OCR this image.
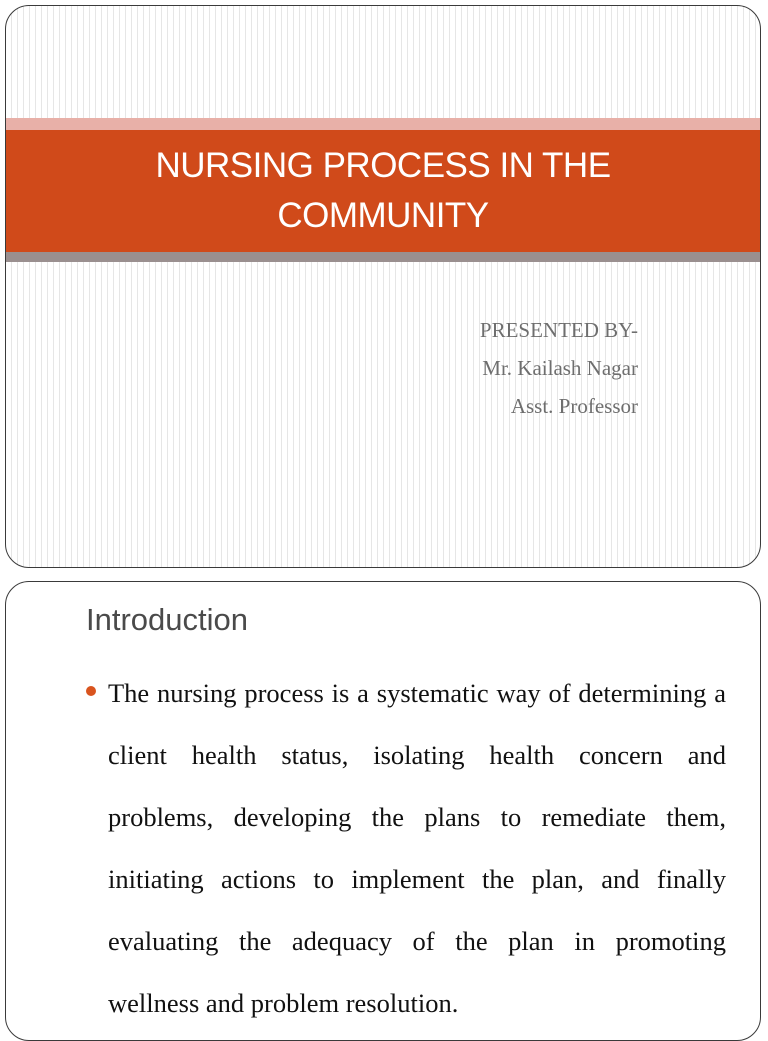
NURSING PROCESS IN THE
COMMUNITY
PRESENTED BY-
Mr. Kailash Nagar
Asst. Professor
Introduction
The nursing process is a systematic way of determining a client health status, isolating health concern and problems, developing the plans to remediate them, initiating actions to implement the plan, and finally evaluating the adequacy of the plan in promoting wellness and problem resolution.
